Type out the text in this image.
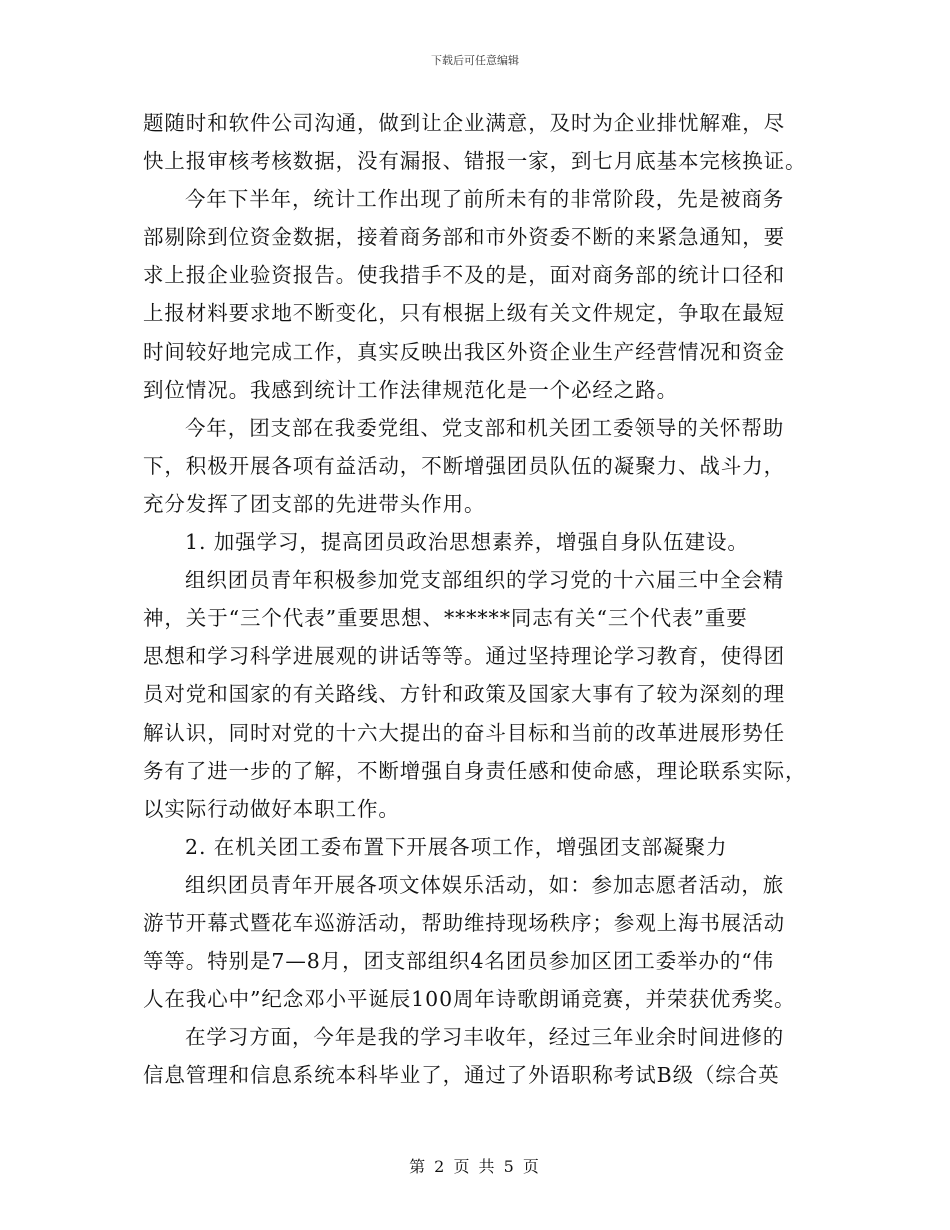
下载后可任意编辑
题随时和软件公司沟通，做到让企业满意，及时为企业排忧解难，尽
快上报审核考核数据，没有漏报、错报一家，到七月底基本完核换证。
今年下半年，统计工作出现了前所未有的非常阶段，先是被商务
部剔除到位资金数据，接着商务部和市外资委不断的来紧急通知，要
求上报企业验资报告。使我措手不及的是，面对商务部的统计口径和
上报材料要求地不断变化，只有根据上级有关文件规定，争取在最短
时间较好地完成工作，真实反映出我区外资企业生产经营情况和资金
到位情况。我感到统计工作法律规范化是一个必经之路。
今年，团支部在我委党组、党支部和机关团工委领导的关怀帮助
下，积极开展各项有益活动，不断增强团员队伍的凝聚力、战斗力，
充分发挥了团支部的先进带头作用。
1. 加强学习，提高团员政治思想素养，增强自身队伍建设。
组织团员青年积极参加党支部组织的学习党的十六届三中全会精
神，关于“三个代表”重要思想、******同志有关“三个代表”重要
思想和学习科学进展观的讲话等等。通过坚持理论学习教育，使得团
员对党和国家的有关路线、方针和政策及国家大事有了较为深刻的理
解认识，同时对党的十六大提出的奋斗目标和当前的改革进展形势任
务有了进一步的了解，不断增强自身责任感和使命感，理论联系实际，
以实际行动做好本职工作。
2. 在机关团工委布置下开展各项工作，增强团支部凝聚力
组织团员青年开展各项文体娱乐活动，如：参加志愿者活动，旅
游节开幕式暨花车巡游活动，帮助维持现场秩序；参观上海书展活动
等等。特别是7—8月，团支部组织4名团员参加区团工委举办的“伟
人在我心中”纪念邓小平诞辰100周年诗歌朗诵竞赛，并荣获优秀奖。
在学习方面，今年是我的学习丰收年，经过三年业余时间进修的
信息管理和信息系统本科毕业了，通过了外语职称考试B级（综合英
第 2 页 共 5 页
